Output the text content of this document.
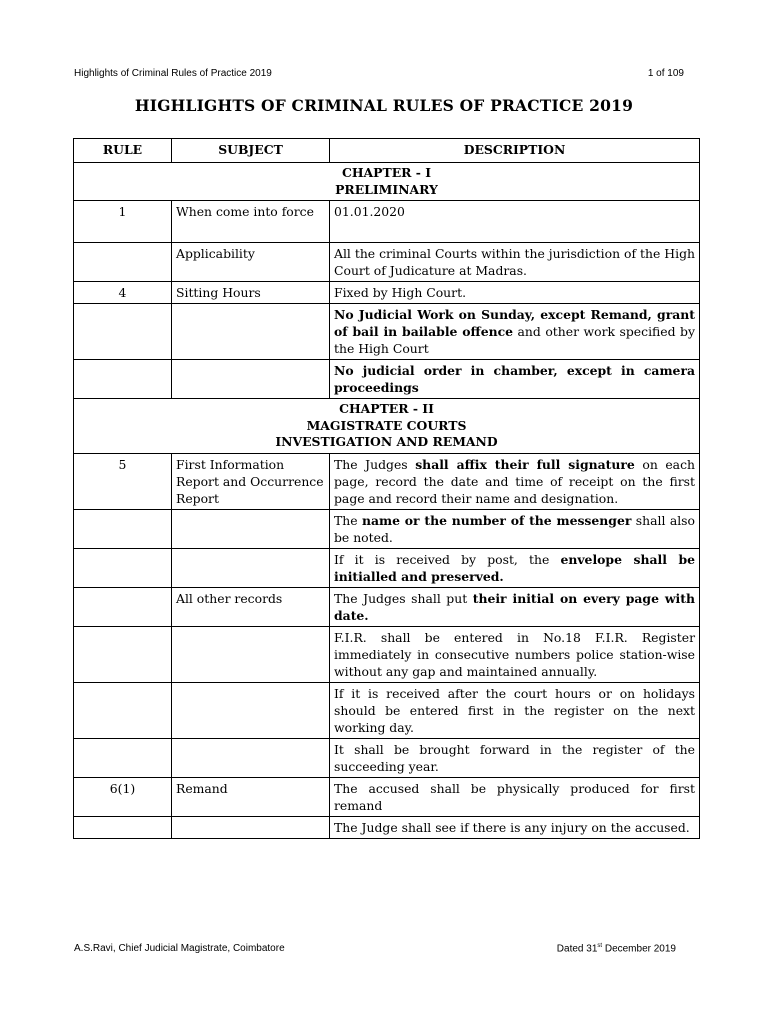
Highlights of Criminal Rules of Practice 2019	1 of 109
HIGHLIGHTS OF CRIMINAL RULES OF PRACTICE 2019
RULE	SUBJECT	DESCRIPTION

CHAPTER - I
PRELIMINARY		

1	When come into force	01.01.2020
	Applicability	All the criminal Courts within the jurisdiction of the High Court of Judicature at Madras.
4	Sitting Hours	Fixed by High Court.
		No Judicial Work on Sunday, except Remand, grant of bail in bailable offence and other work specified by the High Court
		No judicial order in chamber, except in camera proceedings

CHAPTER - II
MAGISTRATE COURTS
INVESTIGATION AND REMAND		

5	First Information Report and Occurrence Report	The Judges shall affix their full signature on each page, record the date and time of receipt on the first page and record their name and designation.
		The name or the number of the messenger shall also be noted.
		If it is received by post, the envelope shall be initialled and preserved.
	All other records	The Judges shall put their initial on every page with date.
		F.I.R. shall be entered in No.18 F.I.R. Register immediately in consecutive numbers police station-wise without any gap and maintained annually.
		If it is received after the court hours or on holidays should be entered first in the register on the next working day.
		It shall be brought forward in the register of the succeeding year.
6(1)	Remand	The accused shall be physically produced for first remand
		The Judge shall see if there is any injury on the accused.
A.S.Ravi, Chief Judicial Magistrate, Coimbatore	Dated 31st December 2019
